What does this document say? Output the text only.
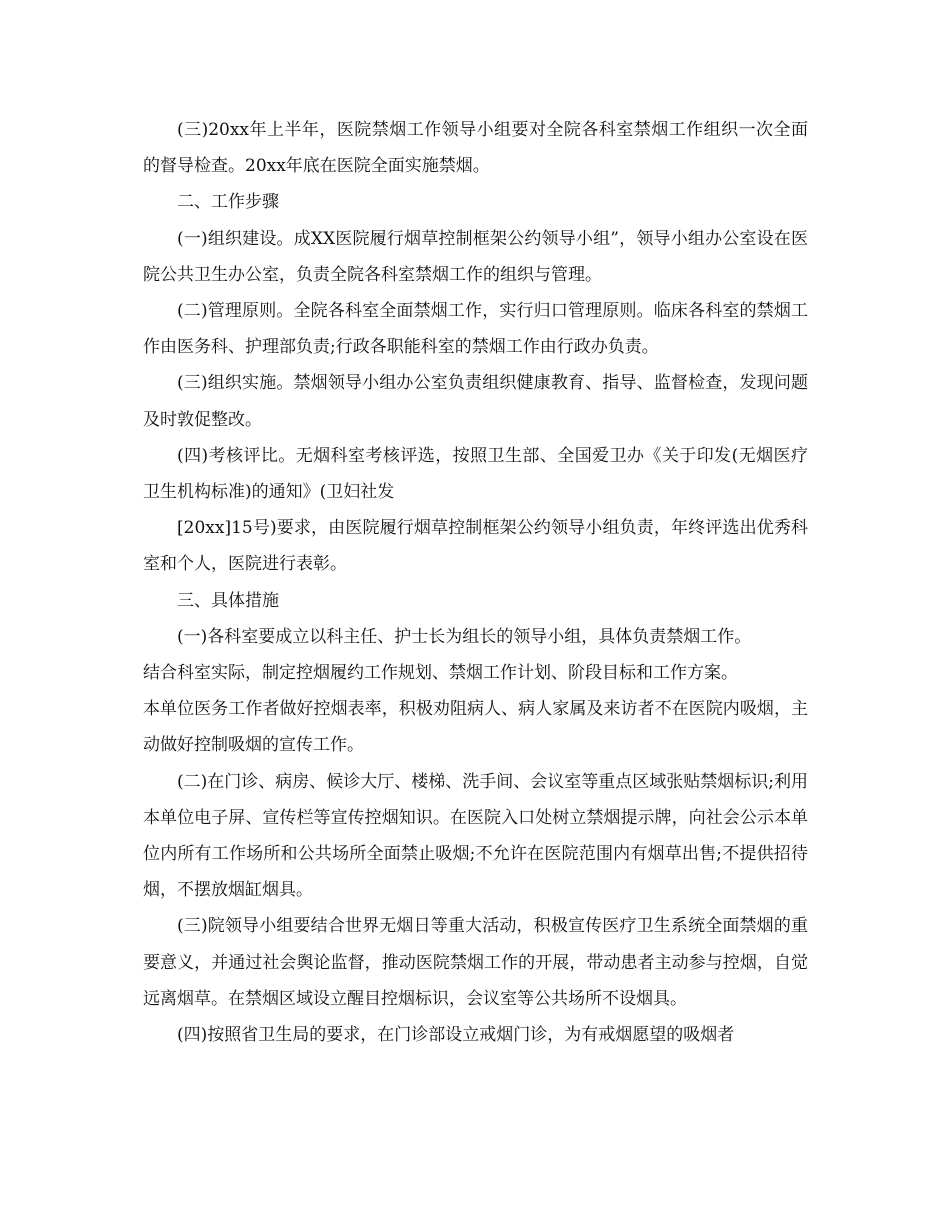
(三)20xx年上半年，医院禁烟工作领导小组要对全院各科室禁烟工作组织一次全面的督导检查。20xx年底在医院全面实施禁烟。

二、工作步骤

(一)组织建设。成XX医院履行烟草控制框架公约领导小组”，领导小组办公室设在医院公共卫生办公室，负责全院各科室禁烟工作的组织与管理。

(二)管理原则。全院各科室全面禁烟工作，实行归口管理原则。临床各科室的禁烟工作由医务科、护理部负责;行政各职能科室的禁烟工作由行政办负责。

(三)组织实施。禁烟领导小组办公室负责组织健康教育、指导、监督检查，发现问题及时敦促整改。

(四)考核评比。无烟科室考核评选，按照卫生部、全国爱卫办《关于印发(无烟医疗卫生机构标准)的通知》(卫妇社发

[20xx]15号)要求，由医院履行烟草控制框架公约领导小组负责，年终评选出优秀科室和个人，医院进行表彰。

三、具体措施

(一)各科室要成立以科主任、护士长为组长的领导小组，具体负责禁烟工作。

结合科室实际，制定控烟履约工作规划、禁烟工作计划、阶段目标和工作方案。

本单位医务工作者做好控烟表率，积极劝阻病人、病人家属及来访者不在医院内吸烟，主动做好控制吸烟的宣传工作。

(二)在门诊、病房、候诊大厅、楼梯、洗手间、会议室等重点区域张贴禁烟标识;利用本单位电子屏、宣传栏等宣传控烟知识。在医院入口处树立禁烟提示牌，向社会公示本单位内所有工作场所和公共场所全面禁止吸烟;不允许在医院范围内有烟草出售;不提供招待烟，不摆放烟缸烟具。

(三)院领导小组要结合世界无烟日等重大活动，积极宣传医疗卫生系统全面禁烟的重要意义，并通过社会舆论监督，推动医院禁烟工作的开展，带动患者主动参与控烟，自觉远离烟草。在禁烟区域设立醒目控烟标识，会议室等公共场所不设烟具。

(四)按照省卫生局的要求，在门诊部设立戒烟门诊，为有戒烟愿望的吸烟者
